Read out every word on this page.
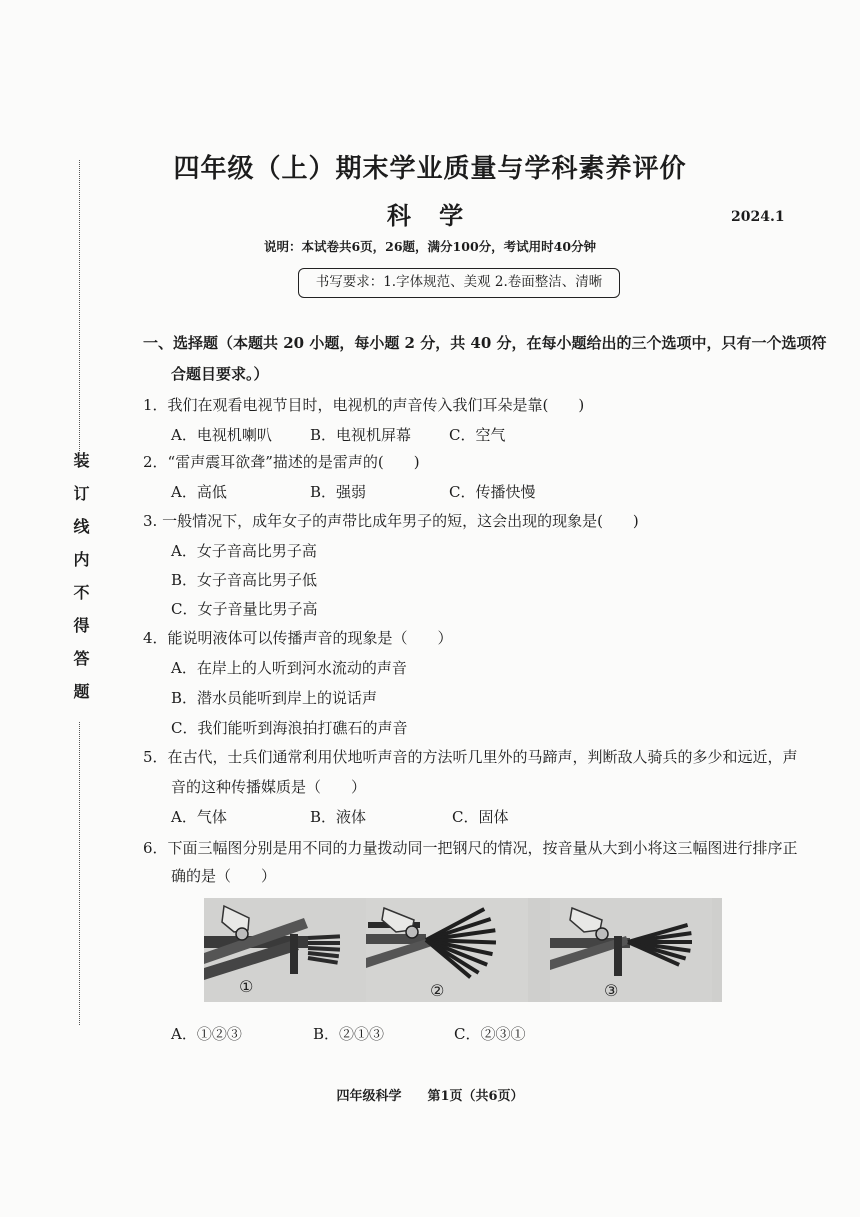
装订线内不得答题
四年级（上）期末学业质量与学科素养评价
科 学	2024.1
说明：本试卷共6页，26题，满分100分，考试用时40分钟
书写要求：1.字体规范、美观 2.卷面整洁、清晰
一、选择题（本题共 20 小题，每小题 2 分，共 40 分，在每小题给出的三个选项中，只有一个选项符
合题目要求。）
1．我们在观看电视节目时，电视机的声音传入我们耳朵是靠(　　)
A．电视机喇叭	B．电视机屏幕	C．空气
2．“雷声震耳欲聋”描述的是雷声的(　　)
A．高低	B．强弱	C．传播快慢
3. 一般情况下，成年女子的声带比成年男子的短，这会出现的现象是(　　)
A．女子音高比男子高
B．女子音高比男子低
C．女子音量比男子高
4．能说明液体可以传播声音的现象是（　　）
A．在岸上的人听到河水流动的声音
B．潜水员能听到岸上的说话声
C．我们能听到海浪拍打礁石的声音
5．在古代，士兵们通常利用伏地听声音的方法听几里外的马蹄声，判断敌人骑兵的多少和远近，声
音的这种传播媒质是（　　）
A．气体	B．液体	C．固体
6．下面三幅图分别是用不同的力量拨动同一把钢尺的情况，按音量从大到小将这三幅图进行排序正
确的是（　　）
①	②	③
A．①②③	B．②①③	C．②③①
四年级科学　　第1页（共6页）
